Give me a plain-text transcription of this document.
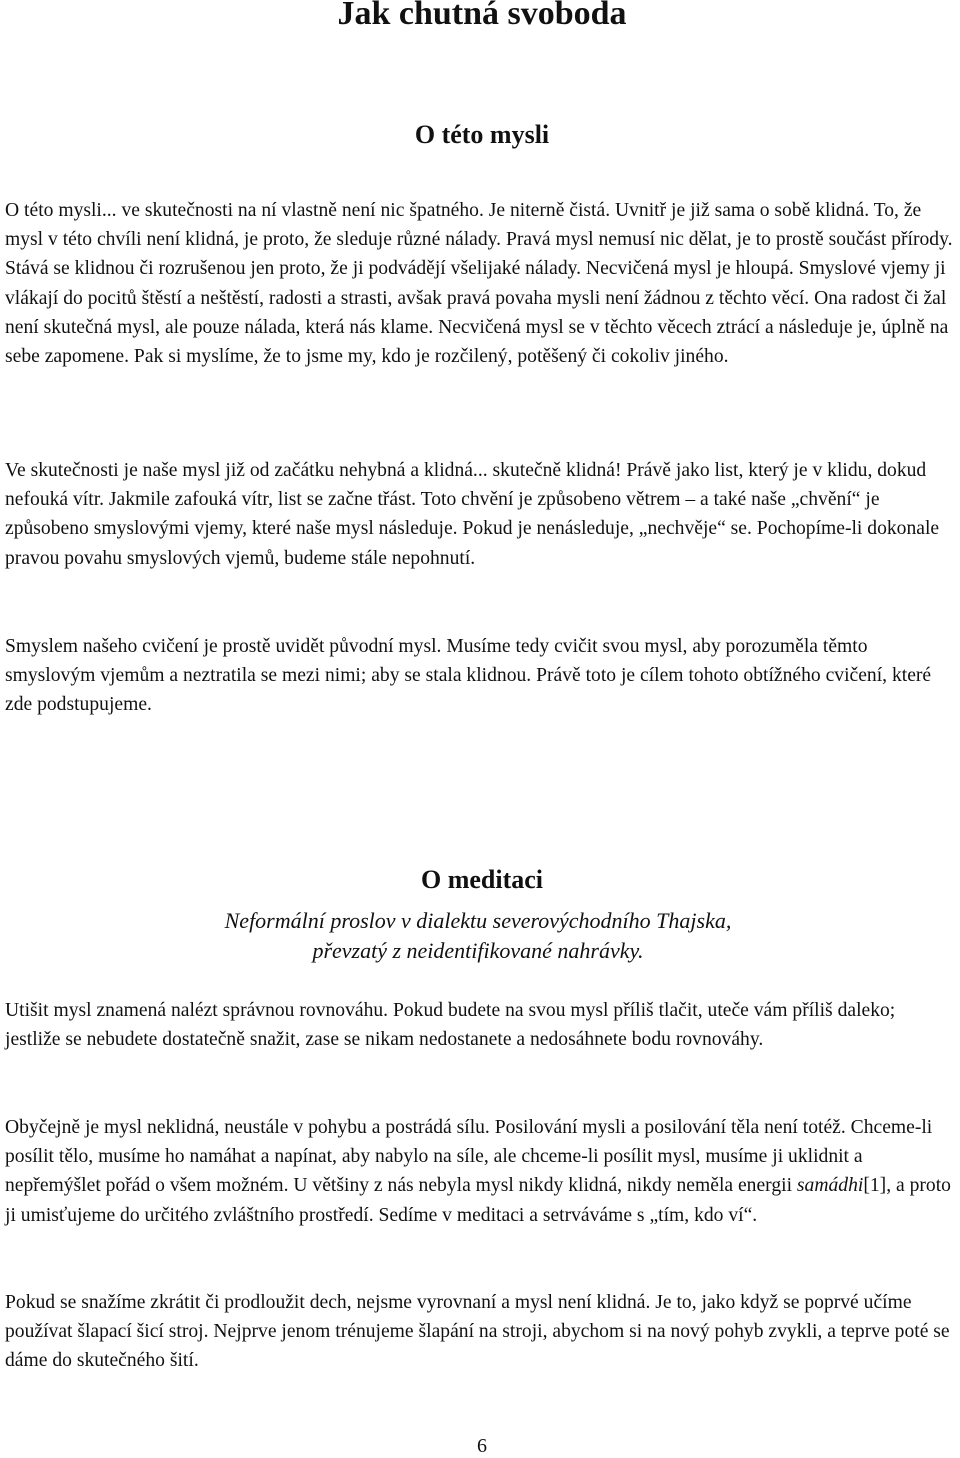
Jak chutná svoboda
O této mysli

O této mysli... ve skutečnosti na ní vlastně není nic špatného. Je niterně čistá. Uvnitř je již sama o sobě klidná. To, že mysl v této chvíli není klidná, je proto, že sleduje různé nálady. Pravá mysl nemusí nic dělat, je to prostě součást přírody. Stává se klidnou či rozrušenou jen proto, že ji podvádějí všelijaké nálady. Necvičená mysl je hloupá. Smyslové vjemy ji vlákají do pocitů štěstí a neštěstí, radosti a strasti, avšak pravá povaha mysli není žádnou z těchto věcí. Ona radost či žal není skutečná mysl, ale pouze nálada, která nás klame. Necvičená mysl se v těchto věcech ztrácí a následuje je, úplně na sebe zapomene. Pak si myslíme, že to jsme my, kdo je rozčilený, potěšený či cokoliv jiného.

Ve skutečnosti je naše mysl již od začátku nehybná a klidná... skutečně klidná! Právě jako list, který je v klidu, dokud nefouká vítr. Jakmile zafouká vítr, list se začne třást. Toto chvění je způsobeno větrem – a také naše „chvění“ je způsobeno smyslovými vjemy, které naše mysl následuje. Pokud je nenásleduje, „nechvěje“ se. Pochopíme-li dokonale pravou povahu smyslových vjemů, budeme stále nepohnutí.

Smyslem našeho cvičení je prostě uvidět původní mysl. Musíme tedy cvičit svou mysl, aby porozuměla těmto smyslovým vjemům a neztratila se mezi nimi; aby se stala klidnou. Právě toto je cílem tohoto obtížného cvičení, které zde podstupujeme.

O meditaci
Neformální proslov v dialektu severovýchodního Thajska,
převzatý z neidentifikované nahrávky.

Utišit mysl znamená nalézt správnou rovnováhu. Pokud budete na svou mysl příliš tlačit, uteče vám příliš daleko; jestliže se nebudete dostatečně snažit, zase se nikam nedostanete a nedosáhnete bodu rovnováhy.

Obyčejně je mysl neklidná, neustále v pohybu a postrádá sílu. Posilování mysli a posilování těla není totéž. Chceme-li posílit tělo, musíme ho namáhat a napínat, aby nabylo na síle, ale chceme-li posílit mysl, musíme ji uklidnit a nepřemýšlet pořád o všem možném. U většiny z nás nebyla mysl nikdy klidná, nikdy neměla energii samádhi[1], a proto ji umisťujeme do určitého zvláštního prostředí. Sedíme v meditaci a setrváváme s „tím, kdo ví“.

Pokud se snažíme zkrátit či prodloužit dech, nejsme vyrovnaní a mysl není klidná. Je to, jako když se poprvé učíme používat šlapací šicí stroj. Nejprve jenom trénujeme šlapání na stroji, abychom si na nový pohyb zvykli, a teprve poté se dáme do skutečného šití.

6
